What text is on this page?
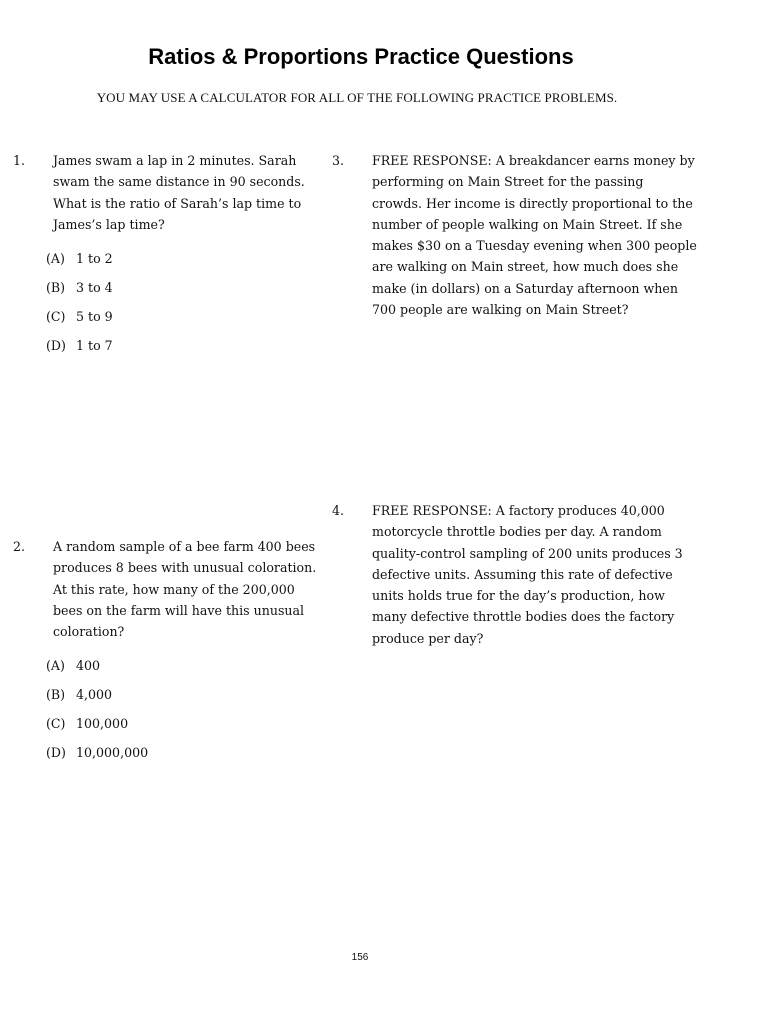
Ratios & Proportions Practice Questions
YOU MAY USE A CALCULATOR FOR ALL OF THE FOLLOWING PRACTICE PROBLEMS.
1. James swam a lap in 2 minutes. Sarah swam the same distance in 90 seconds. What is the ratio of Sarah’s lap time to James’s lap time?
(A) 1 to 2
(B) 3 to 4
(C) 5 to 9
(D) 1 to 7
2. A random sample of a bee farm 400 bees produces 8 bees with unusual coloration. At this rate, how many of the 200,000 bees on the farm will have this unusual coloration?
(A) 400
(B) 4,000
(C) 100,000
(D) 10,000,000
3. FREE RESPONSE: A breakdancer earns money by performing on Main Street for the passing crowds. Her income is directly proportional to the number of people walking on Main Street. If she makes $30 on a Tuesday evening when 300 people are walking on Main street, how much does she make (in dollars) on a Saturday afternoon when 700 people are walking on Main Street?
4. FREE RESPONSE: A factory produces 40,000 motorcycle throttle bodies per day. A random quality-control sampling of 200 units produces 3 defective units. Assuming this rate of defective units holds true for the day’s production, how many defective throttle bodies does the factory produce per day?
156
